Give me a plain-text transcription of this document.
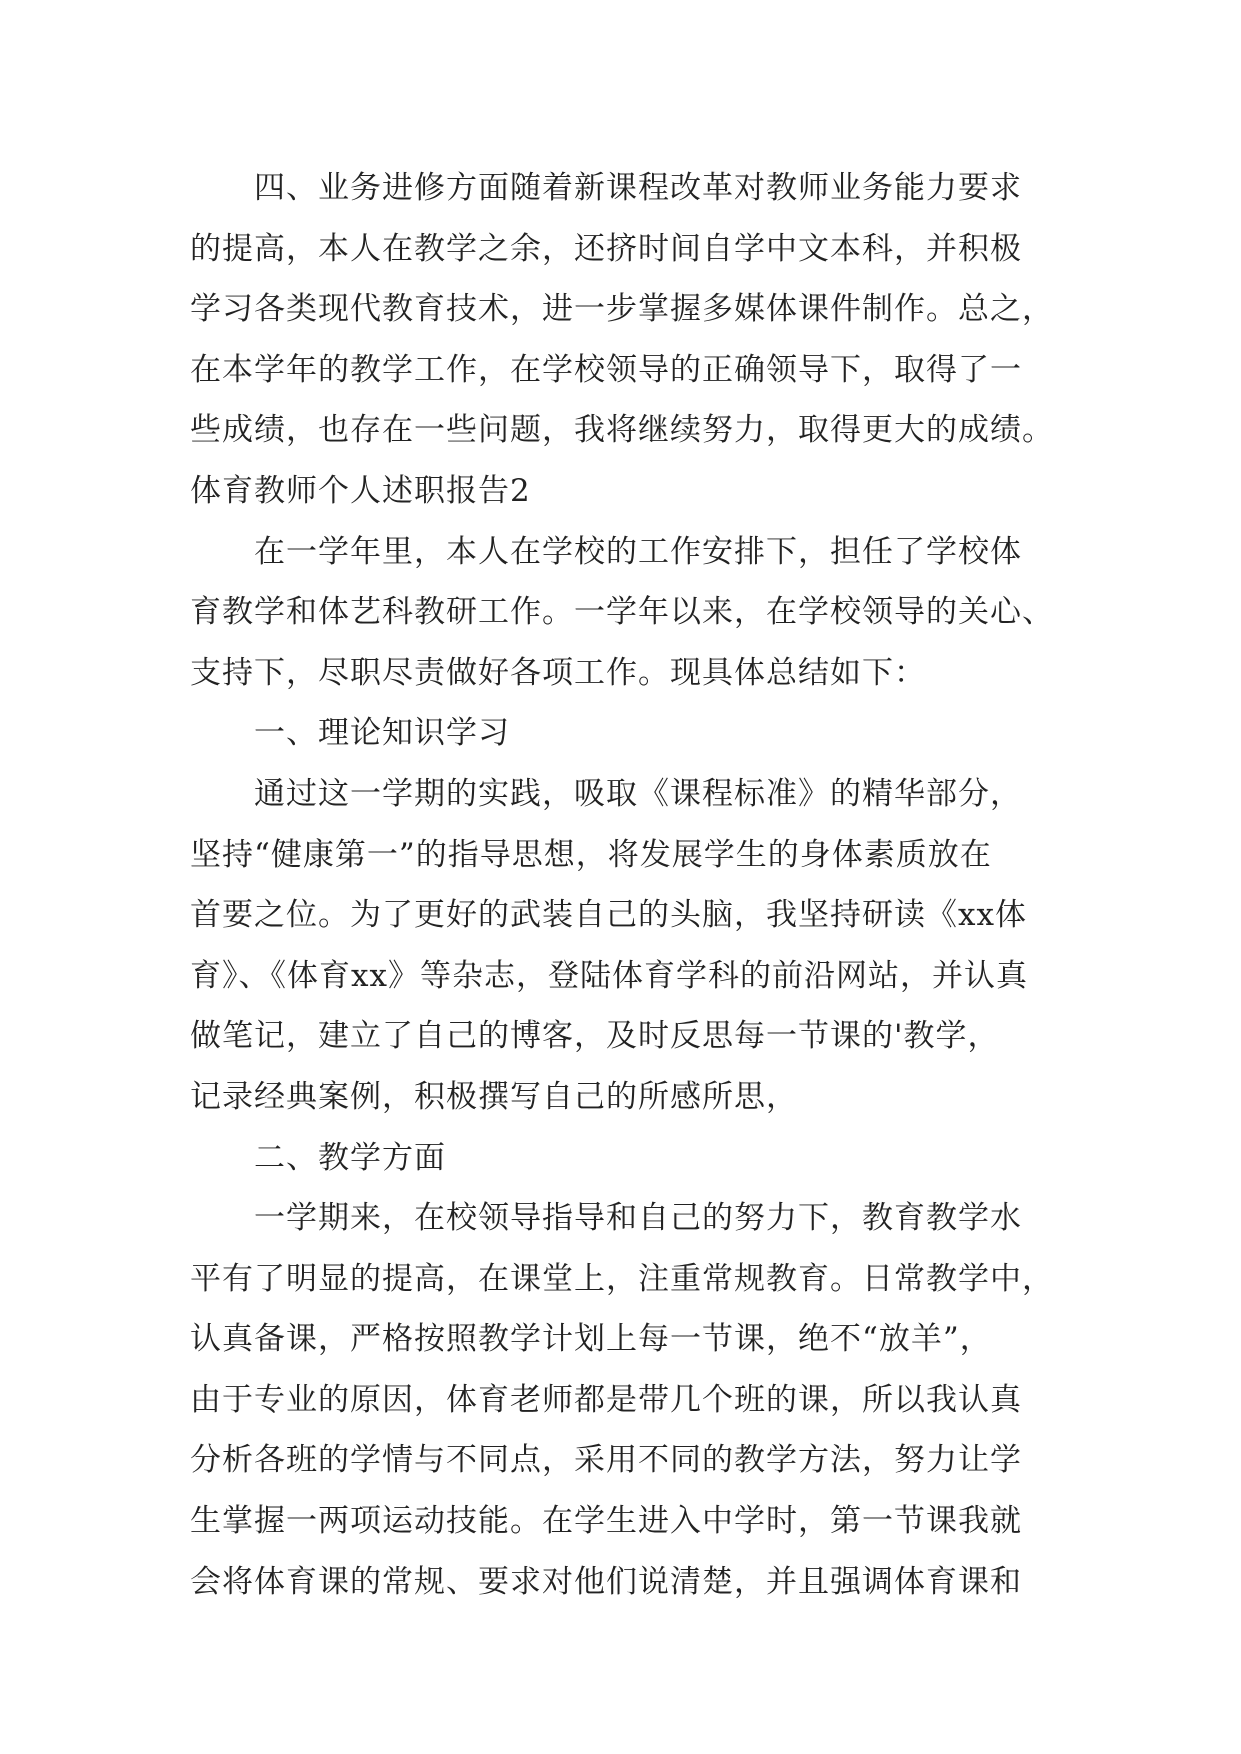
四、业务进修方面随着新课程改革对教师业务能力要求
的提高，本人在教学之余，还挤时间自学中文本科，并积极
学习各类现代教育技术，进一步掌握多媒体课件制作。总之，
在本学年的教学工作，在学校领导的正确领导下，取得了一
些成绩，也存在一些问题，我将继续努力，取得更大的成绩。
体育教师个人述职报告2
在一学年里，本人在学校的工作安排下，担任了学校体
育教学和体艺科教研工作。一学年以来，在学校领导的关心、
支持下，尽职尽责做好各项工作。现具体总结如下：
一、理论知识学习
通过这一学期的实践，吸取《课程标准》的精华部分，
坚持“健康第一”的指导思想，将发展学生的身体素质放在
首要之位。为了更好的武装自己的头脑，我坚持研读《xx体
育》、《体育xx》等杂志，登陆体育学科的前沿网站，并认真
做笔记，建立了自己的博客，及时反思每一节课的'教学，
记录经典案例，积极撰写自己的所感所思，
二、教学方面
一学期来，在校领导指导和自己的努力下，教育教学水
平有了明显的提高，在课堂上，注重常规教育。日常教学中，
认真备课，严格按照教学计划上每一节课，绝不“放羊”，
由于专业的原因，体育老师都是带几个班的课，所以我认真
分析各班的学情与不同点，采用不同的教学方法，努力让学
生掌握一两项运动技能。在学生进入中学时，第一节课我就
会将体育课的常规、要求对他们说清楚，并且强调体育课和
